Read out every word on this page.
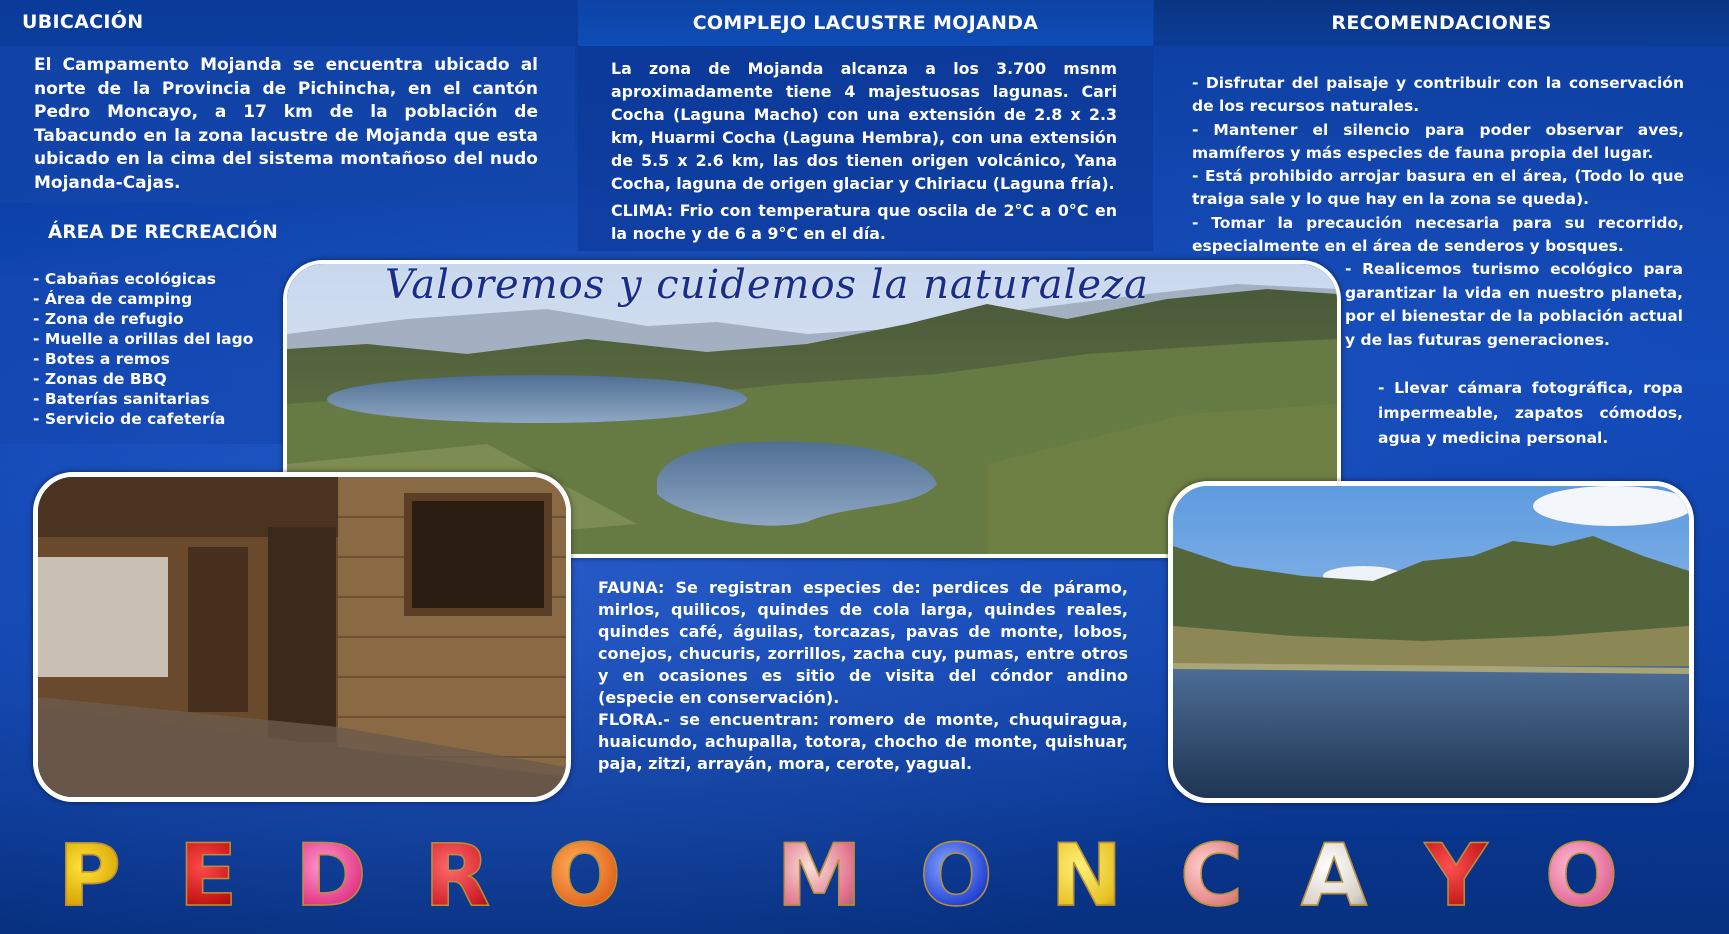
UBICACIÓN
El Campamento Mojanda se encuentra ubicado al norte de la Provincia de Pichincha, en el cantón Pedro Moncayo, a 17 km de la población de Tabacundo en la zona lacustre de Mojanda que esta ubicado en la cima del sistema montañoso del nudo Mojanda-Cajas.
ÁREA DE RECREACIÓN
- Cabañas ecológicas
- Área de camping
- Zona de refugio
- Muelle a orillas del lago
- Botes a remos
- Zonas de BBQ
- Baterías sanitarias
- Servicio de cafetería
COMPLEJO LACUSTRE MOJANDA
La zona de Mojanda alcanza a los 3.700 msnm aproximadamente tiene 4 majestuosas lagunas. Cari Cocha (Laguna Macho) con una extensión de 2.8 x 2.3 km, Huarmi Cocha (Laguna Hembra), con una extensión de 5.5 x 2.6 km, las dos tienen origen volcánico, Yana Cocha, laguna de origen glaciar y Chiriacu (Laguna fría).
CLIMA: Frio con temperatura que oscila de 2°C a 0°C en la noche y de 6 a 9°C en el día.
RECOMENDACIONES
- Disfrutar del paisaje y contribuir con la conservación de los recursos naturales.
- Mantener el silencio para poder observar aves, mamíferos y más especies de fauna propia del lugar.
- Está prohibido arrojar basura en el área, (Todo lo que traiga sale y lo que hay en la zona se queda).
- Tomar la precaución necesaria para su recorrido, especialmente en el área de senderos y bosques.
- Realicemos turismo ecológico para garantizar la vida en nuestro planeta, por el bienestar de la población actual y de las futuras generaciones.
- Llevar cámara fotográfica, ropa impermeable, zapatos cómodos, agua y medicina personal.
Valoremos y cuidemos la naturaleza
FAUNA: Se registran especies de: perdices de páramo, mirlos, quilicos, quindes de cola larga, quindes reales, quindes café, águilas, torcazas, pavas de monte, lobos, conejos, chucuris, zorrillos, zacha cuy, pumas, entre otros y en ocasiones es sitio de visita del cóndor andino (especie en conservación).
FLORA.- se encuentran: romero de monte, chuquiragua, huaicundo, achupalla, totora, chocho de monte, quishuar, paja, zitzi, arrayán, mora, cerote, yagual.
P E D R O M O N C A Y O
